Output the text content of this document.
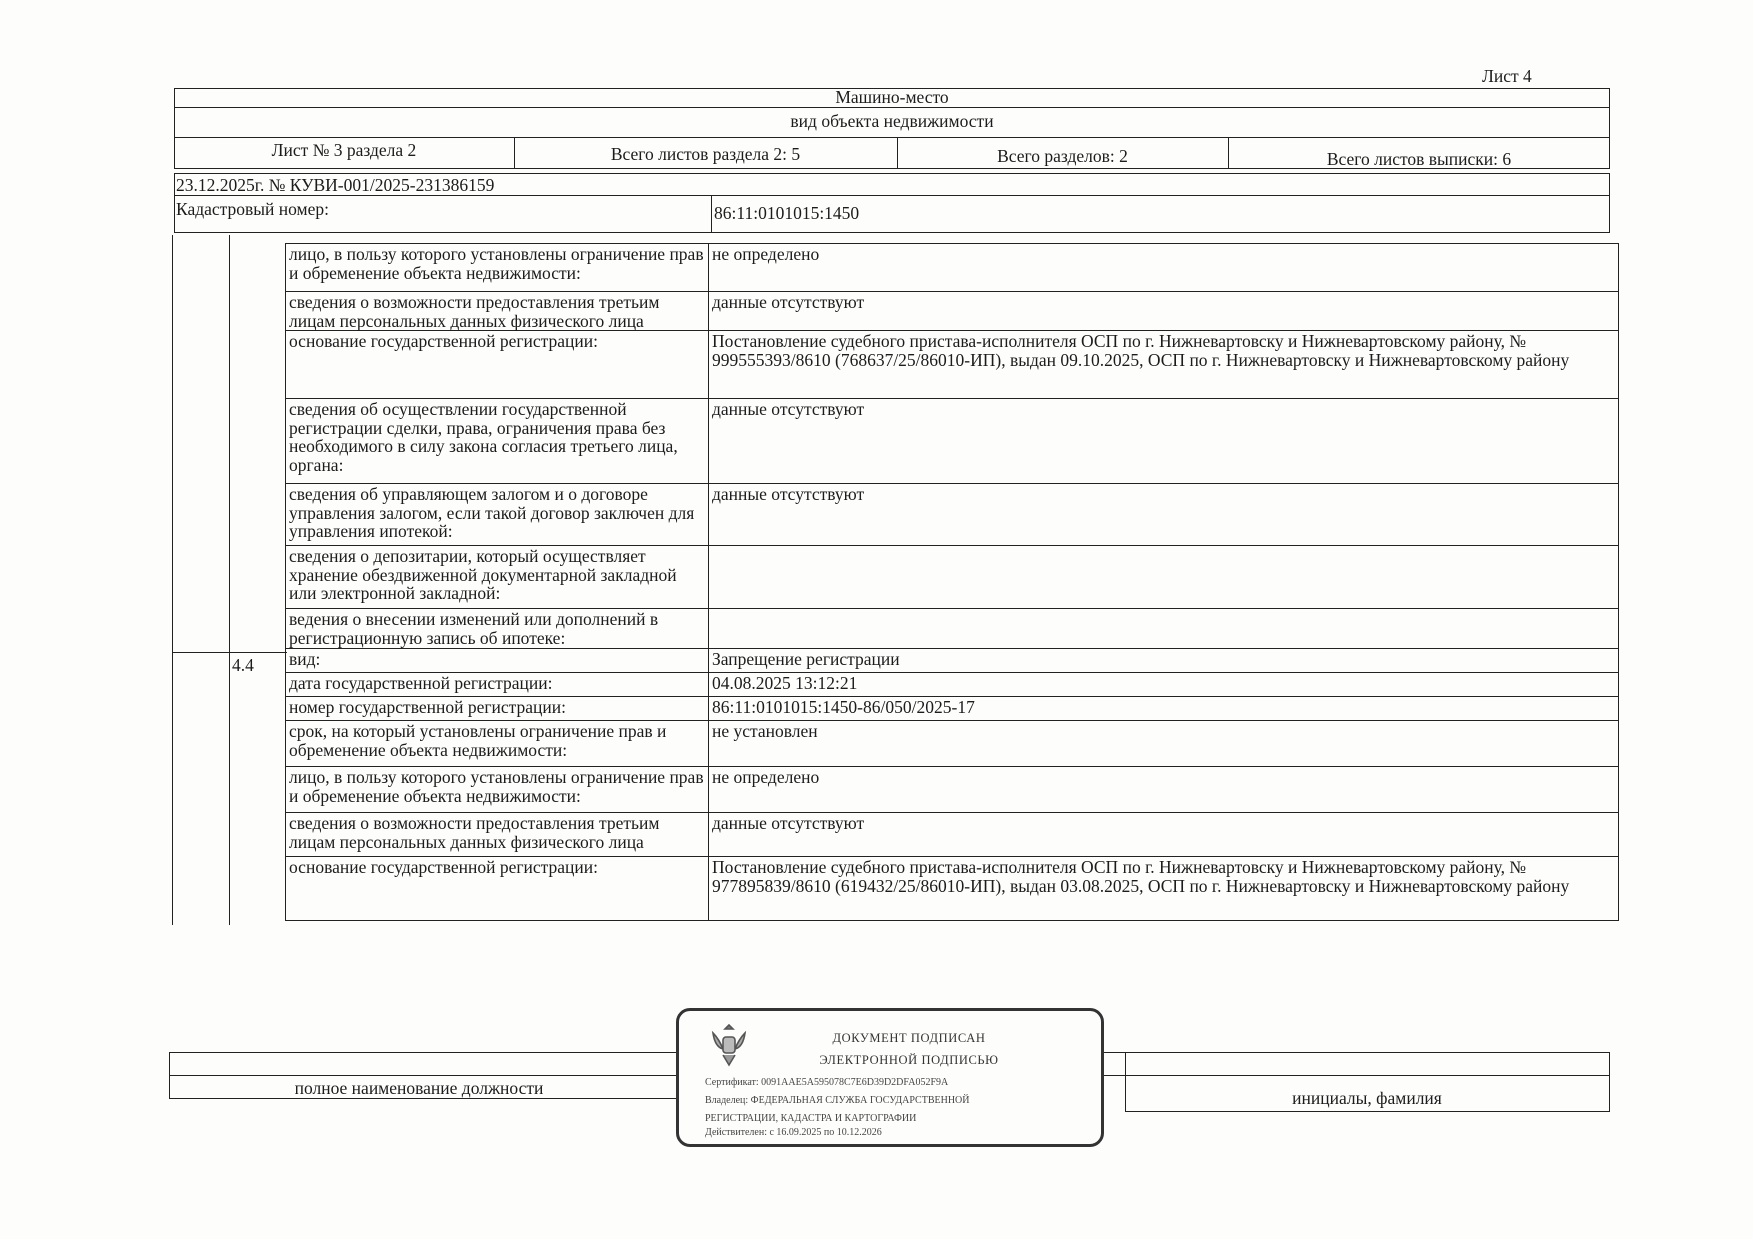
Лист 4
Машино-место
вид объекта недвижимости
Лист № 3 раздела 2	Всего листов раздела 2: 5	Всего разделов: 2	Всего листов выписки: 6
23.12.2025г. № КУВИ-001/2025-231386159
Кадастровый номер:	86:11:0101015:1450
4.4
лицо, в пользу которого установлены ограничение прав и обременение объекта недвижимости:	не определено
сведения о возможности предоставления третьим лицам персональных данных физического лица	данные отсутствуют
основание государственной регистрации:	Постановление судебного пристава-исполнителя ОСП по г. Нижневартовску и Нижневартовскому району, № 999555393/8610 (768637/25/86010-ИП), выдан 09.10.2025, ОСП по г. Нижневартовску и Нижневартовскому району
сведения об осуществлении государственной регистрации сделки, права, ограничения права без необходимого в силу закона согласия третьего лица, органа:	данные отсутствуют
сведения об управляющем залогом и о договоре управления залогом, если такой договор заключен для управления ипотекой:	данные отсутствуют
сведения о депозитарии, который осуществляет хранение обездвиженной документарной закладной или электронной закладной:	
ведения о внесении изменений или дополнений в регистрационную запись об ипотеке:	
вид:	Запрещение регистрации
дата государственной регистрации:	04.08.2025 13:12:21
номер государственной регистрации:	86:11:0101015:1450-86/050/2025-17
срок, на который установлены ограничение прав и обременение объекта недвижимости:	не установлен
лицо, в пользу которого установлены ограничение прав и обременение объекта недвижимости:	не определено
сведения о возможности предоставления третьим лицам персональных данных физического лица	данные отсутствуют
основание государственной регистрации:	Постановление судебного пристава-исполнителя ОСП по г. Нижневартовску и Нижневартовскому району, № 977895839/8610 (619432/25/86010-ИП), выдан 03.08.2025, ОСП по г. Нижневартовску и Нижневартовскому району
полное наименование должности	инициалы, фамилия
ДОКУМЕНТ ПОДПИСАН
ЭЛЕКТРОННОЙ ПОДПИСЬЮ
Сертификат: 0091AAE5A595078C7E6D39D2DFA052F9A
Владелец: ФЕДЕРАЛЬНАЯ СЛУЖБА ГОСУДАРСТВЕННОЙ
РЕГИСТРАЦИИ, КАДАСТРА И КАРТОГРАФИИ
Действителен: с 16.09.2025 по 10.12.2026
